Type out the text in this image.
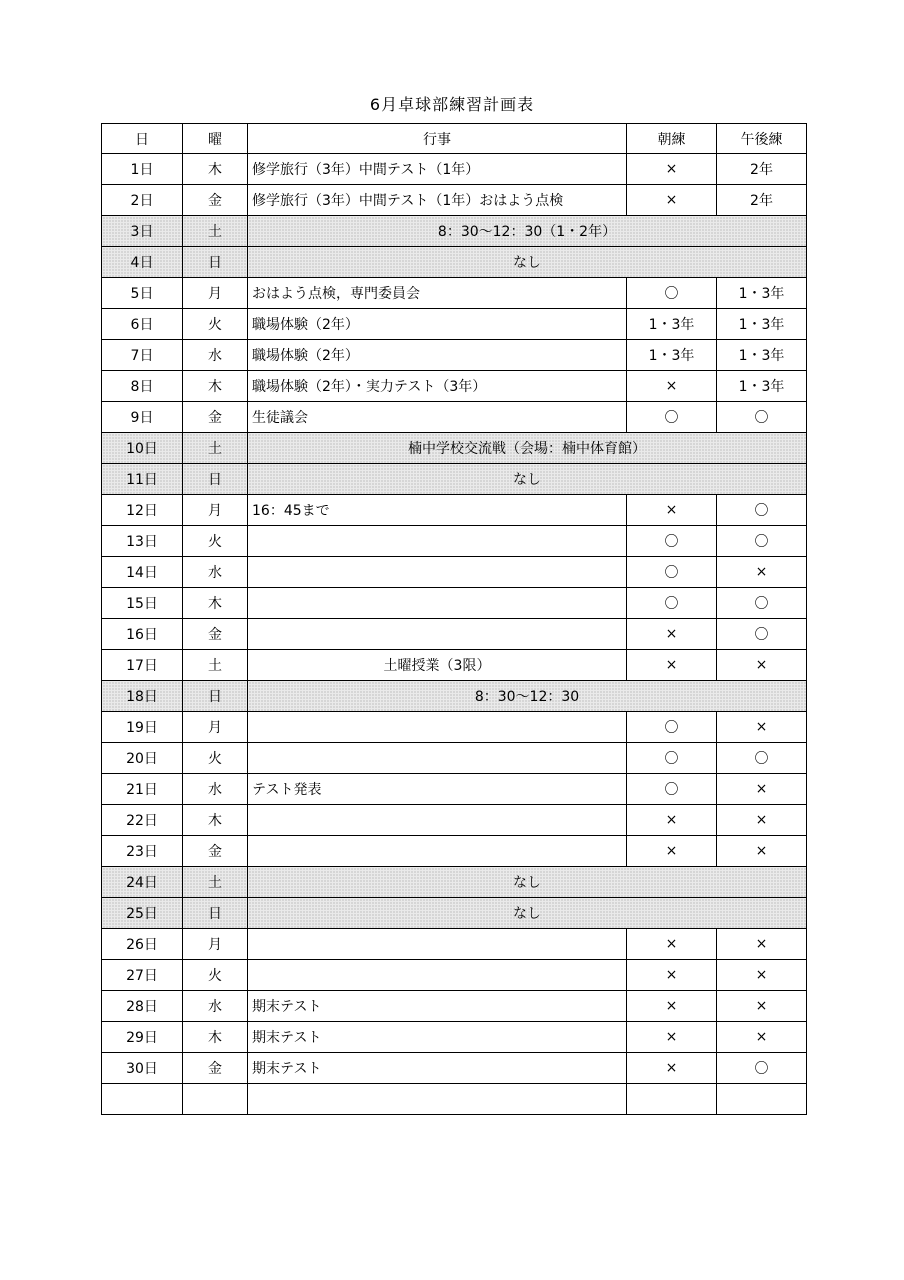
6月卓球部練習計画表
日	曜	行事	朝練	午後練
1日	木	修学旅行（3年）中間テスト（1年）	×	2年
2日	金	修学旅行（3年）中間テスト（1年）おはよう点検	×	2年
3日	土	8：30～12：30（1・2年）		
4日	日	なし		
5日	月	おはよう点検，専門委員会	〇	1・3年
6日	火	職場体験（2年）	1・3年	1・3年
7日	水	職場体験（2年）	1・3年	1・3年
8日	木	職場体験（2年）・実力テスト（3年）	×	1・3年
9日	金	生徒議会	〇	〇
10日	土	楠中学校交流戦（会場：楠中体育館）		
11日	日	なし		
12日	月	16：45まで	×	〇
13日	火		〇	〇
14日	水		〇	×
15日	木		〇	〇
16日	金		×	〇
17日	土	土曜授業（3限）	×	×
18日	日	8：30～12：30		
19日	月		〇	×
20日	火		〇	〇
21日	水	テスト発表	〇	×
22日	木		×	×
23日	金		×	×
24日	土	なし		
25日	日	なし		
26日	月		×	×
27日	火		×	×
28日	水	期末テスト	×	×
29日	木	期末テスト	×	×
30日	金	期末テスト	×	〇
